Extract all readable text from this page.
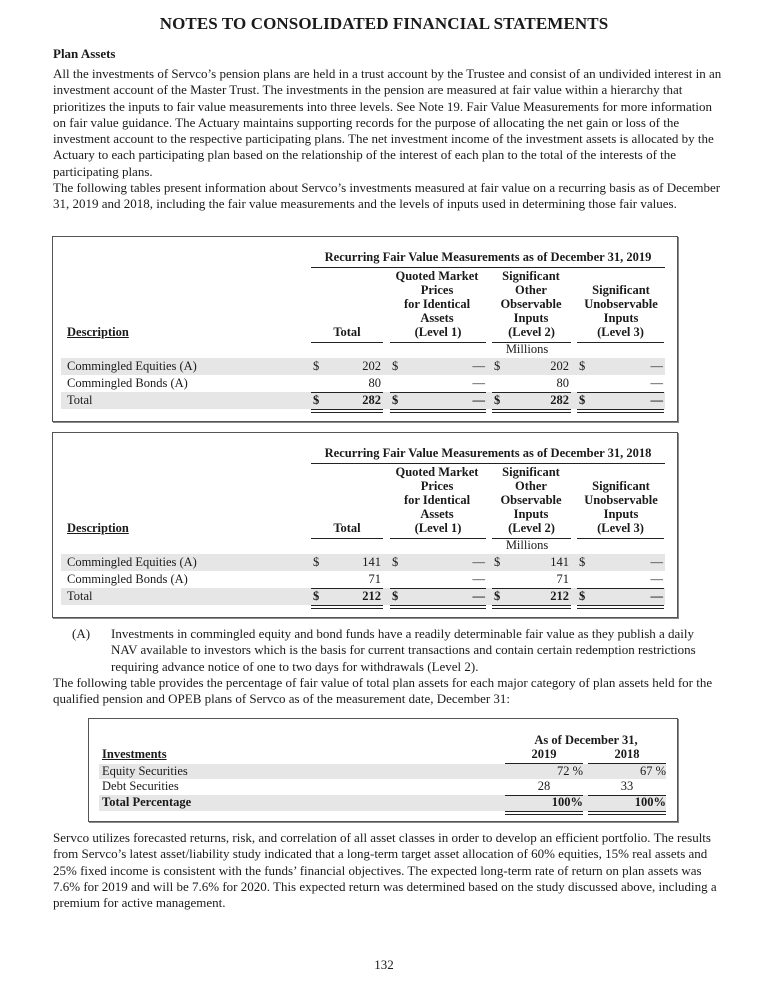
NOTES TO CONSOLIDATED FINANCIAL STATEMENTS
Plan Assets
All the investments of Servco’s pension plans are held in a trust account by the Trustee and consist of an undivided interest in an investment account of the Master Trust. The investments in the pension are measured at fair value within a hierarchy that prioritizes the inputs to fair value measurements into three levels. See Note 19. Fair Value Measurements for more information on fair value guidance. The Actuary maintains supporting records for the purpose of allocating the net gain or loss of the investment account to the respective participating plans. The net investment income of the investment assets is allocated by the Actuary to each participating plan based on the relationship of the interest of each plan to the total of the interests of the participating plans.
The following tables present information about Servco’s investments measured at fair value on a recurring basis as of December 31, 2019 and 2018, including the fair value measurements and the levels of inputs used in determining those fair values.
Recurring Fair Value Measurements as of December 31, 2019
Quoted Market
Prices
for Identical
Assets
Significant
Other
Observable
Inputs
Significant
Unobservable
Inputs
Description	Total	(Level 1)	(Level 2)	(Level 3)
Millions
Commingled Equities (A)	$	202 $	— $	202 $	—
Commingled Bonds (A)	80	—	80	—
Total	$	282 $	— $	282 $	—
Recurring Fair Value Measurements as of December 31, 2018
Quoted Market
Prices
for Identical
Assets
Significant
Other
Observable
Inputs
Significant
Unobservable
Inputs
Description	Total	(Level 1)	(Level 2)	(Level 3)
Millions
Commingled Equities (A)	$	141 $	— $	141 $	—
Commingled Bonds (A)	71	—	71	—
Total	$	212 $	— $	212 $	—
(A) Investments in commingled equity and bond funds have a readily determinable fair value as they publish a daily NAV available to investors which is the basis for current transactions and contain certain redemption restrictions requiring advance notice of one to two days for withdrawals (Level 2).
The following table provides the percentage of fair value of total plan assets for each major category of plan assets held for the qualified pension and OPEB plans of Servco as of the measurement date, December 31:
As of December 31,
Investments	2019	2018
Equity Securities	72 %	67 %
Debt Securities	28	33
Total Percentage	100%	100%
Servco utilizes forecasted returns, risk, and correlation of all asset classes in order to develop an efficient portfolio. The results from Servco’s latest asset/liability study indicated that a long-term target asset allocation of 60% equities, 15% real assets and 25% fixed income is consistent with the funds’ financial objectives. The expected long-term rate of return on plan assets was 7.6% for 2019 and will be 7.6% for 2020. This expected return was determined based on the study discussed above, including a premium for active management.
132
